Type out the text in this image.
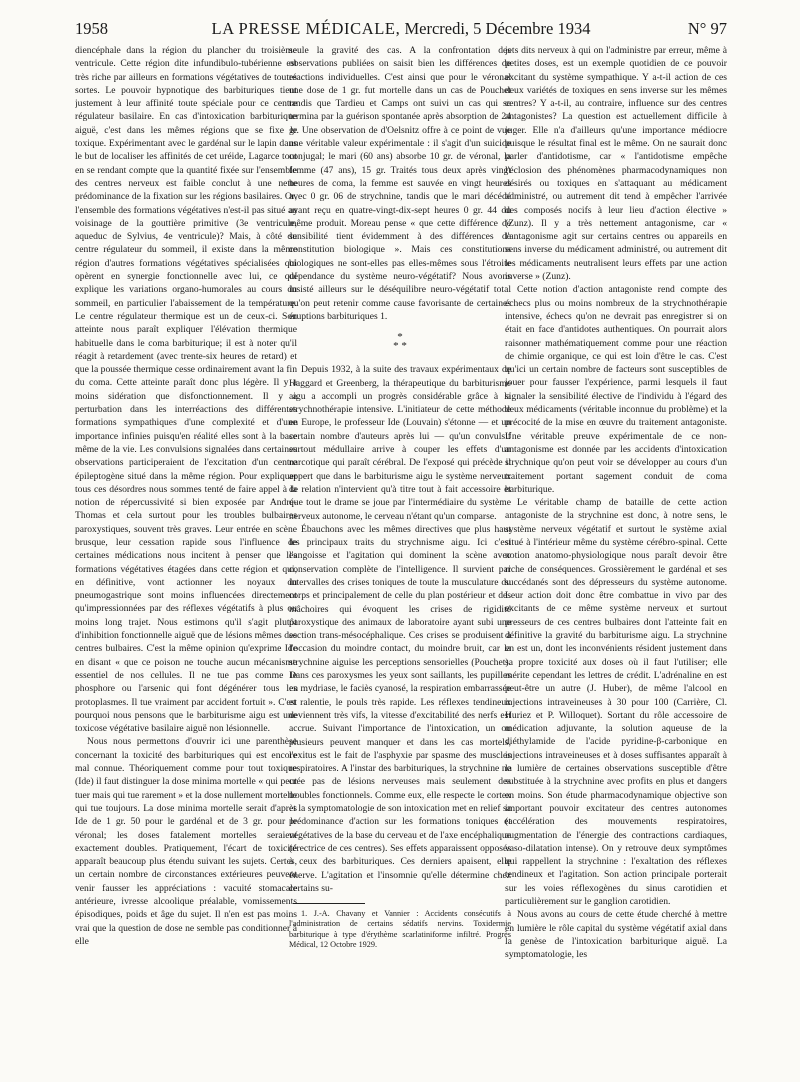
1958	LA PRESSE MÉDICALE, Mercredi, 5 Décembre 1934	N° 97

diencéphale dans la région du plancher du troisième ventricule. Cette région dite infundibulo-tubérienne est très riche par ailleurs en formations végétatives de toutes sortes. Le pouvoir hypnotique des barbituriques tient justement à leur affinité toute spéciale pour ce centre régulateur basilaire. En cas d'intoxication barbiturique aiguë, c'est dans les mêmes régions que se fixe le toxique. Expérimentant avec le gardénal sur le lapin dans le but de localiser les affinités de cet uréide, Lagarce tout en se rendant compte que la quantité fixée sur l'ensemble des centres nerveux est faible conclut à une nette prédominance de la fixation sur les régions basilaires. Or, l'ensemble des formations végétatives n'est-il pas situé au voisinage de la gouttière primitive (3e ventricule, aqueduc de Sylvius, 4e ventricule)? Mais, à côté du centre régulateur du sommeil, il existe dans la même région d'autres formations végétatives spécialisées qui opèrent en synergie fonctionnelle avec lui, ce qui explique les variations organo-humorales au cours du sommeil, en particulier l'abaissement de la température. Le centre régulateur thermique est un de ceux-ci. Son atteinte nous paraît expliquer l'élévation thermique habituelle dans le coma barbiturique; il est à noter qu'il réagit à retardement (avec trente-six heures de retard) et que la poussée thermique cesse ordinairement avant la fin du coma. Cette atteinte paraît donc plus légère. Il y a moins sidération que disfonctionnement. Il y a perturbation dans les interréactions des différentes formations sympathiques d'une complexité et d'une importance infinies puisqu'en réalité elles sont à la base même de la vie. Les convulsions signalées dans certaines observations participeraient de l'excitation d'un centre épileptogène situé dans la même région. Pour expliquer tous ces désordres nous sommes tenté de faire appel à la notion de répercussivité si bien exposée par André-Thomas et cela surtout pour les troubles bulbaires paroxystiques, souvent très graves. Leur entrée en scène brusque, leur cessation rapide sous l'influence de certaines médications nous incitent à penser que les formations végétatives étagées dans cette région et qui, en définitive, vont actionner les noyaux du pneumogastrique sont moins influencées directement qu'impressionnées par des réflexes végétatifs à plus ou moins long trajet. Nous estimons qu'il s'agit plutôt d'inhibition fonctionnelle aiguë que de lésions mêmes des centres bulbaires. C'est la même opinion qu'exprime Ide en disant « que ce poison ne touche aucun mécanisme essentiel de nos cellules. Il ne tue pas comme le phosphore ou l'arsenic qui font dégénérer tous les protoplasmes. Il tue vraiment par accident fortuit ». C'est pourquoi nous pensons que le barbiturisme aigu est une toxicose végétative basilaire aiguë non lésionnelle.

Nous nous permettons d'ouvrir ici une parenthèse concernant la toxicité des barbituriques qui est encore mal connue. Théoriquement comme pour tout toxique (Ide) il faut distinguer la dose minima mortelle « qui peut tuer mais qui tue rarement » et la dose nullement mortelle qui tue toujours. La dose minima mortelle serait d'après Ide de 1 gr. 50 pour le gardénal et de 3 gr. pour le véronal; les doses fatalement mortelles seraient exactement doubles. Pratiquement, l'écart de toxicité apparaît beaucoup plus étendu suivant les sujets. Certes, un certain nombre de circonstances extérieures peuvent venir fausser les appréciations : vacuité stomacale antérieure, ivresse alcoolique préalable, vomissements épisodiques, poids et âge du sujet. Il n'en est pas moins vrai que la question de dose ne semble pas conditionner à elle

seule la gravité des cas. A la confrontation des observations publiées on saisit bien les différences de réactions individuelles. C'est ainsi que pour le véronal une dose de 1 gr. fut mortelle dans un cas de Pouchet tandis que Tardieu et Camps ont suivi un cas qui se termina par la guérison spontanée après absorption de 24 gr. Une observation de d'Oelsnitz offre à ce point de vue une véritable valeur expérimentale : il s'agit d'un suicide conjugal; le mari (60 ans) absorbe 10 gr. de véronal, la femme (47 ans), 15 gr. Traités tous deux après vingt heures de coma, la femme est sauvée en vingt heures avec 0 gr. 06 de strychnine, tandis que le mari décédé ayant reçu en quatre-vingt-dix-sept heures 0 gr. 44 du même produit. Moreau pense « que cette différence de sensibilité tient évidemment à des différences de constitution biologique ». Mais ces constitutions biologiques ne sont-elles pas elles-mêmes sous l'étroite dépendance du système neuro-végétatif? Nous avons insisté ailleurs sur le déséquilibre neuro-végétatif total qu'on peut retenir comme cause favorisante de certaines éruptions barbituriques 1.

*
* *

Depuis 1932, à la suite des travaux expérimentaux de Haggard et Greenberg, la thérapeutique du barbiturisme aigu a accompli un progrès considérable grâce à la strychnothérapie intensive. L'initiateur de cette méthode en Europe, le professeur Ide (Louvain) s'étonne — et un certain nombre d'auteurs après lui — qu'un convulsif surtout médullaire arrive à couper les effets d'un narcotique qui paraît cérébral. De l'exposé qui précède il appert que dans le barbiturisme aigu le système nerveux de relation n'intervient qu'à titre tout à fait accessoire et que tout le drame se joue par l'intermédiaire du système nerveux autonome, le cerveau n'étant qu'un comparse.

Ébauchons avec les mêmes directives que plus haut les principaux traits du strychnisme aigu. Ici c'est l'angoisse et l'agitation qui dominent la scène avec conservation complète de l'intelligence. Il survient par intervalles des crises toniques de toute la musculature du corps et principalement de celle du plan postérieur et des mâchoires qui évoquent les crises de rigidité paroxystique des animaux de laboratoire ayant subi une section trans-mésocéphalique. Ces crises se produisent à l'occasion du moindre contact, du moindre bruit, car la strychnine aiguise les perceptions sensorielles (Pouchet). Dans ces paroxysmes les yeux sont saillants, les pupilles en mydriase, le faciès cyanosé, la respiration embarrassée et ralentie, le pouls très rapide. Les réflexes tendineux deviennent très vifs, la vitesse d'excitabilité des nerfs est accrue. Suivant l'importance de l'intoxication, un ou plusieurs peuvent manquer et dans les cas mortels, l'exitus est le fait de l'asphyxie par spasme des muscles respiratoires. A l'instar des barbituriques, la strychnine ne crée pas de lésions nerveuses mais seulement des troubles fonctionnels. Comme eux, elle respecte le cortex et la symptomatologie de son intoxication met en relief sa prédominance d'action sur les formations toniques et végétatives de la base du cerveau et de l'axe encéphalique (érectrice de ces centres). Ses effets apparaissent opposés à ceux des barbituriques. Ces derniers apaisent, elle énerve. L'agitation et l'insomnie qu'elle détermine chez certains su-

1. J.-A. Chavany et Vannier : Accidents consécutifs à l'administration de certains sédatifs nervins. Toxidermie barbiturique à type d'érythème scarlatiniforme infiltré. Progrès Médical, 12 Octobre 1929.

jets dits nerveux à qui on l'administre par erreur, même à petites doses, est un exemple quotidien de ce pouvoir excitant du système sympathique. Y a-t-il action de ces deux variétés de toxiques en sens inverse sur les mêmes centres? Y a-t-il, au contraire, influence sur des centres antagonistes? La question est actuellement difficile à juger. Elle n'a d'ailleurs qu'une importance médiocre puisque le résultat final est le même. On ne saurait donc parler d'antidotisme, car « l'antidotisme empêche l'éclosion des phénomènes pharmacodynamiques non désirés ou toxiques en s'attaquant au médicament administré, ou autrement dit tend à empêcher l'arrivée des composés nocifs à leur lieu d'action élective » (Zunz). Il y a très nettement antagonisme, car « l'antagonisme agit sur certains centres ou appareils en sens inverse du médicament administré, ou autrement dit les médicaments neutralisent leurs effets par une action inverse » (Zunz).

Cette notion d'action antagoniste rend compte des échecs plus ou moins nombreux de la strychnothérapie intensive, échecs qu'on ne devrait pas enregistrer si on était en face d'antidotes authentiques. On pourrait alors raisonner mathématiquement comme pour une réaction de chimie organique, ce qui est loin d'être le cas. C'est qu'ici un certain nombre de facteurs sont susceptibles de jouer pour fausser l'expérience, parmi lesquels il faut signaler la sensibilité élective de l'individu à l'égard des deux médicaments (véritable inconnue du problème) et la précocité de la mise en œuvre du traitement antagoniste. Une véritable preuve expérimentale de ce non-antagonisme est donnée par les accidents d'intoxication strychnique qu'on peut voir se développer au cours d'un traitement portant sagement conduit de coma barbiturique.

Le véritable champ de bataille de cette action antagoniste de la strychnine est donc, à notre sens, le système nerveux végétatif et surtout le système axial situé à l'intérieur même du système cérébro-spinal. Cette notion anatomo-physiologique nous paraît devoir être riche de conséquences. Grossièrement le gardénal et ses succédanés sont des dépresseurs du système autonome. Leur action doit donc être combattue in vivo par des excitants de ce même système nerveux et surtout presseurs de ces centres bulbaires dont l'atteinte fait en définitive la gravité du barbiturisme aigu. La strychnine en est un, dont les inconvénients résident justement dans sa propre toxicité aux doses où il faut l'utiliser; elle mérite cependant les lettres de crédit. L'adrénaline en est peut-être un autre (J. Huber), de même l'alcool en injections intraveineuses à 30 pour 100 (Carrière, Cl. Huriez et P. Willoquet). Sortant du rôle accessoire de médication adjuvante, la solution aqueuse de la diéthylamide de l'acide pyridine-β-carbonique en injections intraveineuses et à doses suffisantes apparaît à la lumière de certaines observations susceptible d'être substituée à la strychnine avec profits en plus et dangers en moins. Son étude pharmacodynamique objective son important pouvoir excitateur des centres autonomes (accélération des mouvements respiratoires, augmentation de l'énergie des contractions cardiaques, vaso-dilatation intense). On y retrouve deux symptômes qui rappellent la strychnine : l'exaltation des réflexes tendineux et l'agitation. Son action principale porterait sur les voies réflexogènes du sinus carotidien et particulièrement sur le ganglion carotidien.

Nous avons au cours de cette étude cherché à mettre en lumière le rôle capital du système végétatif axial dans la genèse de l'intoxication barbiturique aiguë. La symptomatologie, les
